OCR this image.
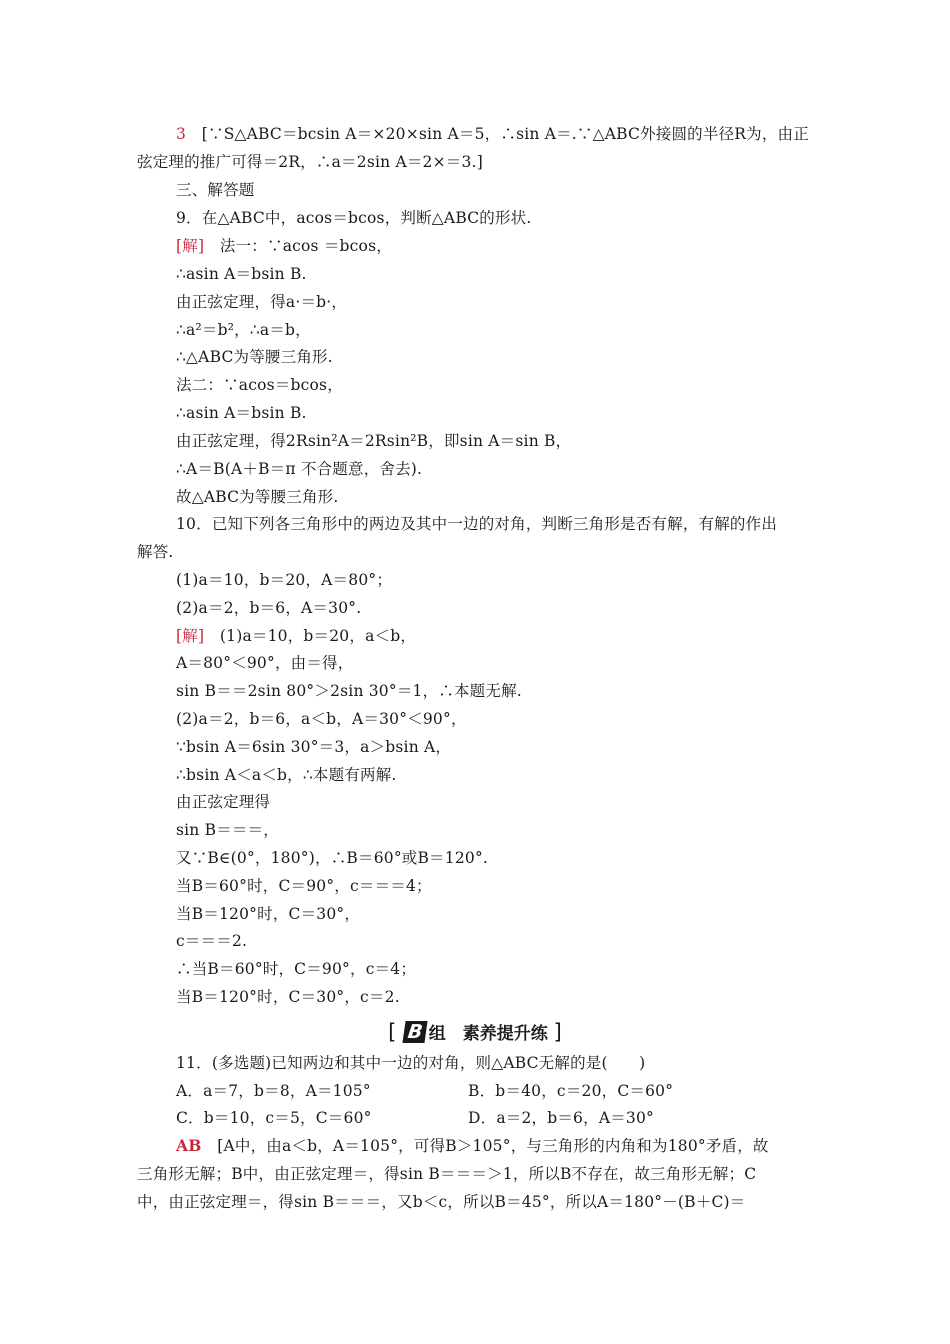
3　[∵S△ABC＝bcsin A＝×20×sin A＝5，∴sin A＝.∵△ABC外接圆的半径R为，由正
弦定理的推广可得＝2R，∴a＝2sin A＝2×＝3.]
三、解答题
9．在△ABC中，acos＝bcos，判断△ABC的形状.
[解]　法一：∵acos ＝bcos，
∴asin A＝bsin B.
由正弦定理，得a·＝b·，
∴a²＝b²，∴a＝b，
∴△ABC为等腰三角形.
法二：∵acos＝bcos，
∴asin A＝bsin B.
由正弦定理，得2Rsin²A＝2Rsin²B，即sin A＝sin B，
∴A＝B(A＋B＝π 不合题意，舍去).
故△ABC为等腰三角形.
10．已知下列各三角形中的两边及其中一边的对角，判断三角形是否有解，有解的作出
解答.
(1)a＝10，b＝20，A＝80°；
(2)a＝2，b＝6，A＝30°.
[解]　(1)a＝10，b＝20，a＜b，
A＝80°＜90°，由＝得，
sin B＝＝2sin 80°＞2sin 30°＝1，∴本题无解.
(2)a＝2，b＝6，a＜b，A＝30°＜90°，
∵bsin A＝6sin 30°＝3，a＞bsin A，
∴bsin A＜a＜b，∴本题有两解.
由正弦定理得
sin B＝＝＝，
又∵B∈(0°，180°)，∴B＝60°或B＝120°.
当B＝60°时，C＝90°，c＝＝＝4；
当B＝120°时，C＝30°，
c＝＝＝2.
∴当B＝60°时，C＝90°，c＝4；
当B＝120°时，C＝30°，c＝2.
[ B 组　素养提升练 ]
11．(多选题)已知两边和其中一边的对角，则△ABC无解的是(　　)
A．a＝7，b＝8，A＝105°	B．b＝40，c＝20，C＝60°
C．b＝10，c＝5，C＝60°	D．a＝2，b＝6，A＝30°
AB　[A中，由a＜b，A＝105°，可得B＞105°，与三角形的内角和为180°矛盾，故
三角形无解；B中，由正弦定理＝，得sin B＝＝＝＞1，所以B不存在，故三角形无解；C
中，由正弦定理＝，得sin B＝＝＝，又b＜c，所以B＝45°，所以A＝180°－(B＋C)＝
